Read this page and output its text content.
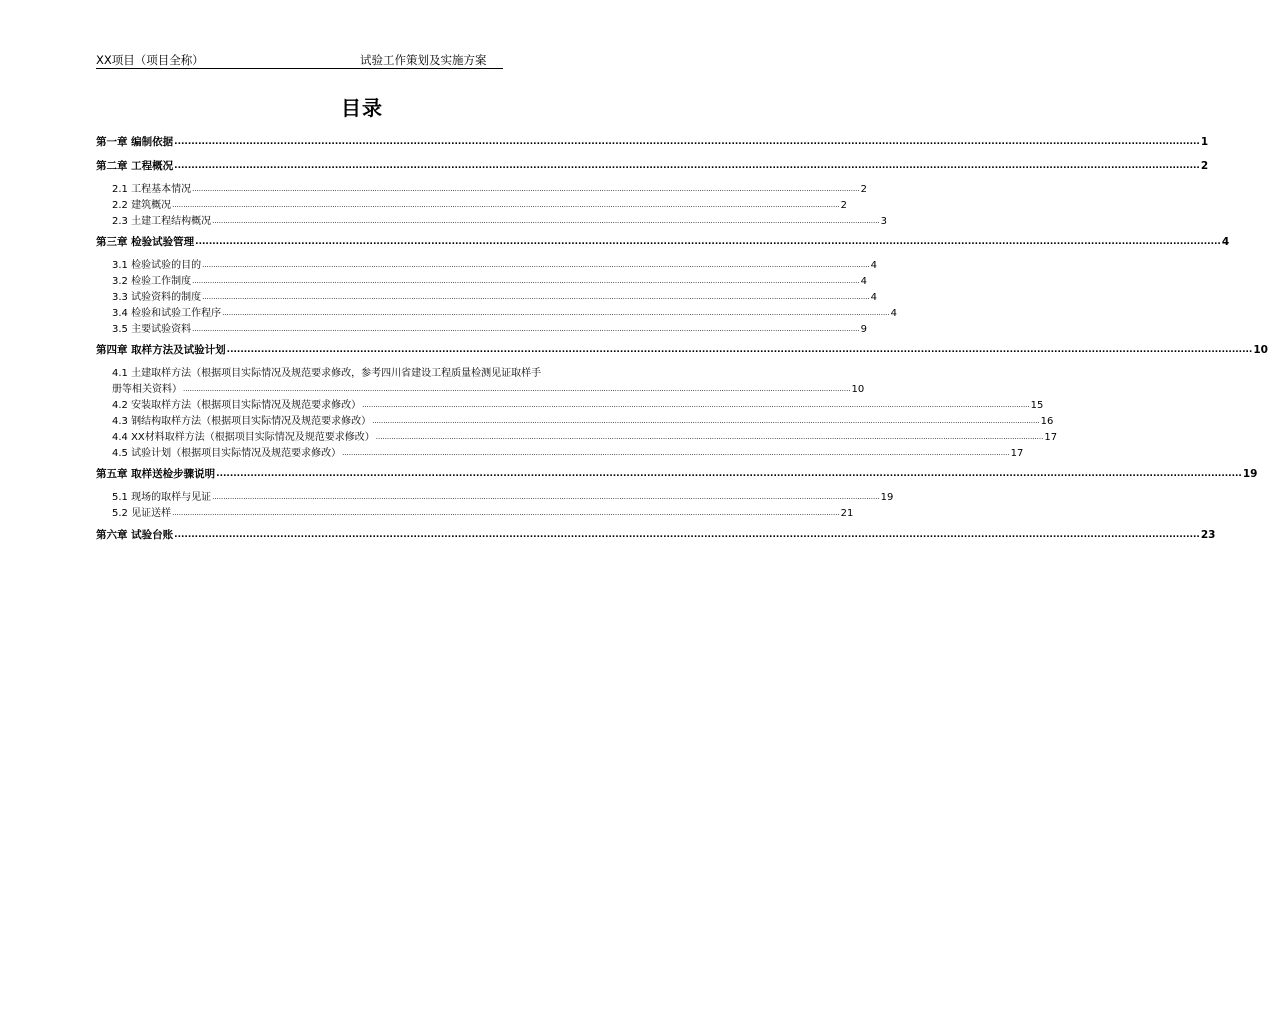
XX项目（项目全称）	试验工作策划及实施方案
目录
第一章 编制依据 ............................................................................................................................................................................................................................................................................................................ 1
第二章 工程概况 ............................................................................................................................................................................................................................................................................................................ 2
2.1 工程基本情况 ............................................................................................................................................................................................................................................................................................................ 2
2.2 建筑概况 ............................................................................................................................................................................................................................................................................................................ 2
2.3 土建工程结构概况 ............................................................................................................................................................................................................................................................................................................ 3
第三章 检验试验管理 ............................................................................................................................................................................................................................................................................................................ 4
3.1 检验试验的目的 ............................................................................................................................................................................................................................................................................................................ 4
3.2 检验工作制度 ............................................................................................................................................................................................................................................................................................................ 4
3.3 试验资料的制度 ............................................................................................................................................................................................................................................................................................................ 4
3.4 检验和试验工作程序 ............................................................................................................................................................................................................................................................................................................ 4
3.5 主要试验资料 ............................................................................................................................................................................................................................................................................................................ 9
第四章 取样方法及试验计划 ............................................................................................................................................................................................................................................................................................................ 10
4.1 土建取样方法（根据项目实际情况及规范要求修改，参考四川省建设工程质量检测见证取样手
册等相关资料） ............................................................................................................................................................................................................................................................................................................ 10
4.2 安装取样方法（根据项目实际情况及规范要求修改） ............................................................................................................................................................................................................................................................................................................ 15
4.3 钢结构取样方法（根据项目实际情况及规范要求修改） ............................................................................................................................................................................................................................................................................................................ 16
4.4 XX材料取样方法（根据项目实际情况及规范要求修改） ............................................................................................................................................................................................................................................................................................................ 17
4.5 试验计划（根据项目实际情况及规范要求修改） ............................................................................................................................................................................................................................................................................................................ 17
第五章 取样送检步骤说明 ............................................................................................................................................................................................................................................................................................................ 19
5.1 现场的取样与见证 ............................................................................................................................................................................................................................................................................................................ 19
5.2 见证送样 ............................................................................................................................................................................................................................................................................................................ 21
第六章 试验台账 ............................................................................................................................................................................................................................................................................................................ 23
